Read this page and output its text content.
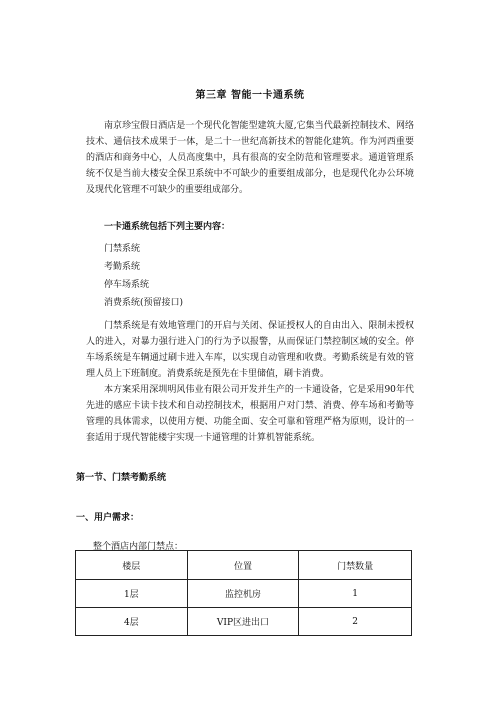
第三章 智能一卡通系统

南京珍宝假日酒店是一个现代化智能型建筑大厦,它集当代最新控制技术、网络技术、通信技术成果于一体，是二十一世纪高新技术的智能化建筑。作为河西重要的酒店和商务中心，人员高度集中，具有很高的安全防范和管理要求。通道管理系统不仅是当前大楼安全保卫系统中不可缺少的重要组成部分，也是现代化办公环境及现代化管理不可缺少的重要组成部分。

一卡通系统包括下列主要内容：
门禁系统
考勤系统
停车场系统
消费系统(预留接口)

门禁系统是有效地管理门的开启与关闭、保证授权人的自由出入、限制未授权人的进入，对暴力强行进入门的行为予以报警，从而保证门禁控制区域的安全。停车场系统是车辆通过刷卡进入车库，以实现自动管理和收费。考勤系统是有效的管理人员上下班制度。消费系统是预先在卡里储值，刷卡消费。

本方案采用深圳明风伟业有限公司开发并生产的一卡通设备，它是采用90年代先进的感应卡读卡技术和自动控制技术，根据用户对门禁、消费、停车场和考勤等管理的具体需求，以使用方便、功能全面、安全可靠和管理严格为原则，设计的一套适用于现代智能楼宇实现一卡通管理的计算机智能系统。

第一节、门禁考勤系统
一、用户需求：
整个酒店内部门禁点：
楼层	位置	门禁数量
1层	监控机房	1
4层	VIP区进出口	2
